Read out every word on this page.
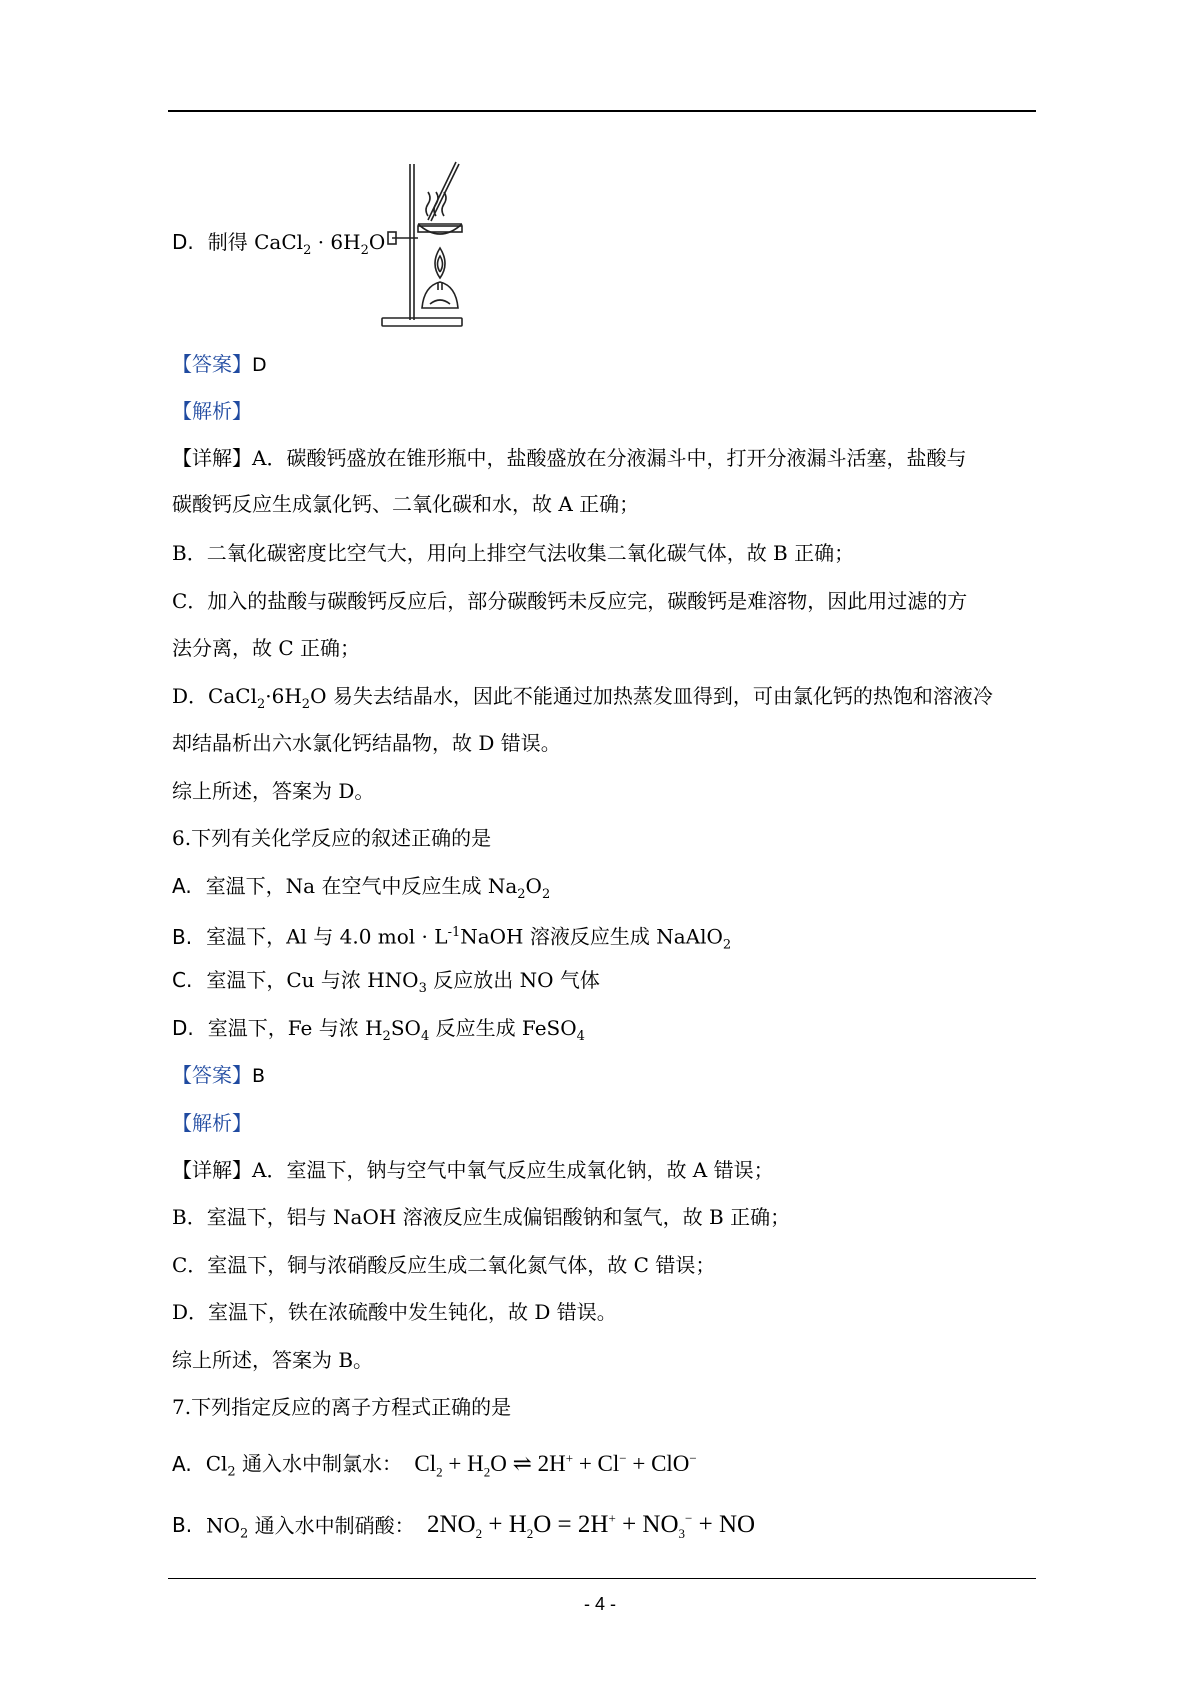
D. 制得 CaCl$_2$ · $6H_2O$
【答案】D
【解析】
【详解】A．碳酸钙盛放在锥形瓶中，盐酸盛放在分液漏斗中，打开分液漏斗活塞，盐酸与
碳酸钙反应生成氯化钙、二氧化碳和水，故 A 正确；
B．二氧化碳密度比空气大，用向上排空气法收集二氧化碳气体，故 B 正确；
C．加入的盐酸与碳酸钙反应后，部分碳酸钙未反应完，碳酸钙是难溶物，因此用过滤的方
法分离，故 C 正确；
D．$CaCl_2\cdot 6H_2O$ 易失去结晶水，因此不能通过加热蒸发皿得到，可由氯化钙的热饱和溶液冷
却结晶析出六水氯化钙结晶物，故 D 错误。
综上所述，答案为 D。
6.下列有关化学反应的叙述正确的是
A. 室温下，Na 在空气中反应生成 $Na_2O_2$
B. 室温下，Al 与 4.0 mol · $L^{-1}NaOH$ 溶液反应生成 NaAlO$_2$
C. 室温下，Cu 与浓 $HNO_3$ 反应放出 NO 气体
D. 室温下，Fe 与浓 $H_2SO_4$ 反应生成 FeSO$_4$
【答案】B
【解析】
【详解】A．室温下，钠与空气中氧气反应生成氧化钠，故 A 错误；
B．室温下，铝与 NaOH 溶液反应生成偏铝酸钠和氢气，故 B 正确；
C．室温下，铜与浓硝酸反应生成二氧化氮气体，故 C 错误；
D．室温下，铁在浓硫酸中发生钝化，故 D 错误。
综上所述，答案为 B。
7.下列指定反应的离子方程式正确的是
A. $Cl_2$ 通入水中制氯水： $Cl_2 + H_2O$ ⇌ 2H+ + Cl− + ClO−
B. $NO_2$ 通入水中制硝酸： $2NO_2 + H_2O = 2H^+ + NO_3^-$ + NO
- 4 -
